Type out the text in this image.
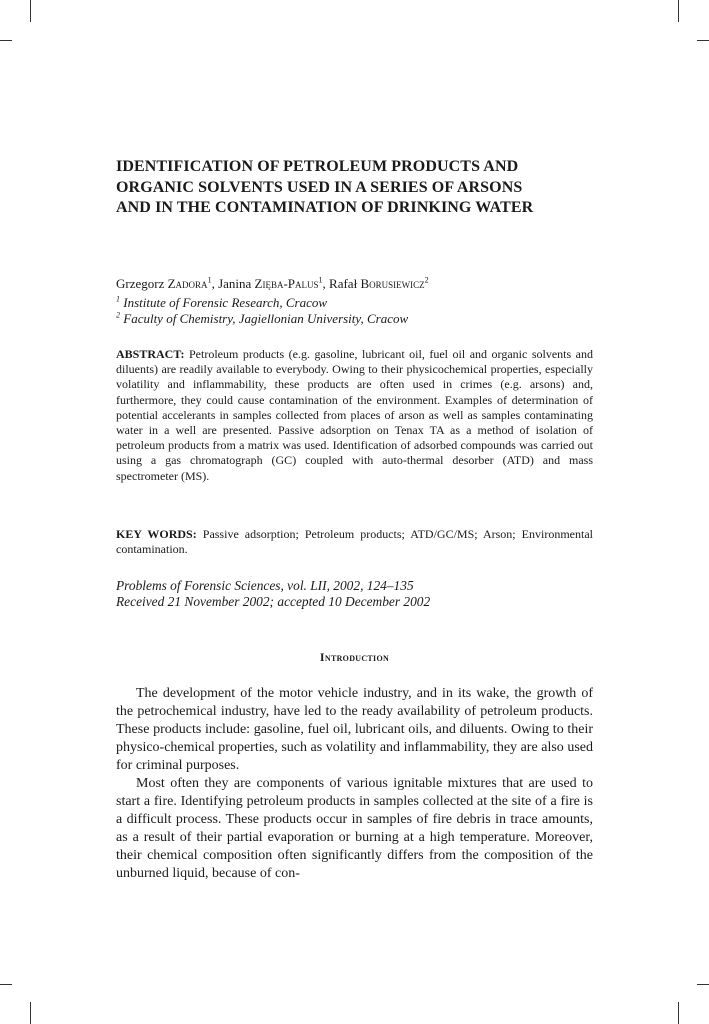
IDENTIFICATION OF PETROLEUM PRODUCTS AND ORGANIC SOLVENTS USED IN A SERIES OF ARSONS AND IN THE CONTAMINATION OF DRINKING WATER

Grzegorz Zadora$^1$, Janina Zięba-Palus$^1$, Rafał Borusiewicz$^2$

$^1$ Institute of Forensic Research, Cracow
$^2$ Faculty of Chemistry, Jagiellonian University, Cracow

ABSTRACT: Petroleum products (e.g. gasoline, lubricant oil, fuel oil and organic solvents and diluents) are readily available to everybody. Owing to their physicochemical properties, especially volatility and inflammability, these products are often used in crimes (e.g. arsons) and, furthermore, they could cause contamination of the environment. Examples of determination of potential accelerants in samples collected from places of arson as well as samples contaminating water in a well are presented. Passive adsorption on Tenax TA as a method of isolation of petroleum products from a matrix was used. Identification of adsorbed compounds was carried out using a gas chromatograph (GC) coupled with auto-thermal desorber (ATD) and mass spectrometer (MS).

KEY WORDS: Passive adsorption; Petroleum products; ATD/GC/MS; Arson; Environmental contamination.

Problems of Forensic Sciences, vol. LII, 2002, 124–135
Received 21 November 2002; accepted 10 December 2002
Introduction

The development of the motor vehicle industry, and in its wake, the growth of the petrochemical industry, have led to the ready availability of petroleum products. These products include: gasoline, fuel oil, lubricant oils, and diluents. Owing to their physico-chemical properties, such as volatility and inflammability, they are also used for criminal purposes.

Most often they are components of various ignitable mixtures that are used to start a fire. Identifying petroleum products in samples collected at the site of a fire is a difficult process. These products occur in samples of fire debris in trace amounts, as a result of their partial evaporation or burning at a high temperature. Moreover, their chemical composition often significantly differs from the composition of the unburned liquid, because of con-
